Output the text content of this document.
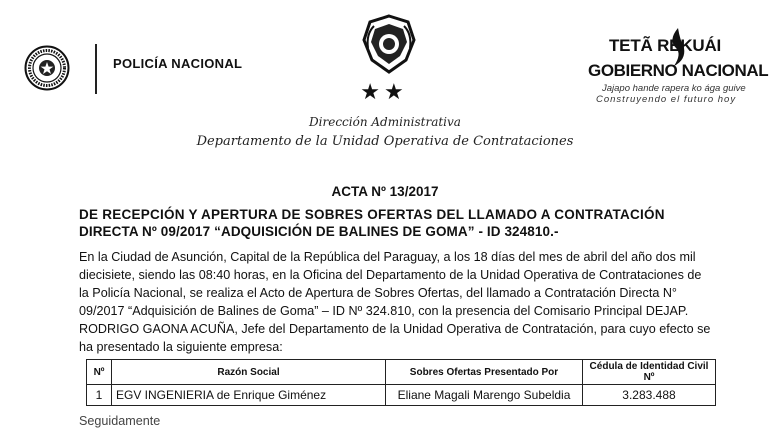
POLICÍA NACIONAL
★★
TETÃ REKUÁI
GOBIERNO NACIONAL
Jajapo hande rapera ko ága guive
Construyendo el futuro hoy
Dirección Administrativa
Departamento de la Unidad Operativa de Contrataciones
ACTA Nº 13/2017
DE RECEPCIÓN Y APERTURA DE SOBRES OFERTAS DEL LLAMADO A CONTRATACIÓN
DIRECTA Nº 09/2017 “ADQUISICIÓN DE BALINES DE GOMA” - ID 324810.-
En la Ciudad de Asunción, Capital de la República del Paraguay, a los 18 días del mes de abril del año dos mil
diecisiete, siendo las 08:40 horas, en la Oficina del Departamento de la Unidad Operativa de Contrataciones de
la Policía Nacional, se realiza el Acto de Apertura de Sobres Ofertas, del llamado a Contratación Directa N°
09/2017 “Adquisición de Balines de Goma” – ID Nº 324.810, con la presencia del Comisario Principal DEJAP.
RODRIGO GAONA ACUÑA, Jefe del Departamento de la Unidad Operativa de Contratación, para cuyo efecto se
ha presentado la siguiente empresa:
Nº	Razón Social	Sobres Ofertas Presentado Por	Cédula de Identidad Civil Nº
1	EGV INGENIERIA de Enrique Giménez	Eliane Magali Marengo Subeldia	3.283.488
Seguidamente
